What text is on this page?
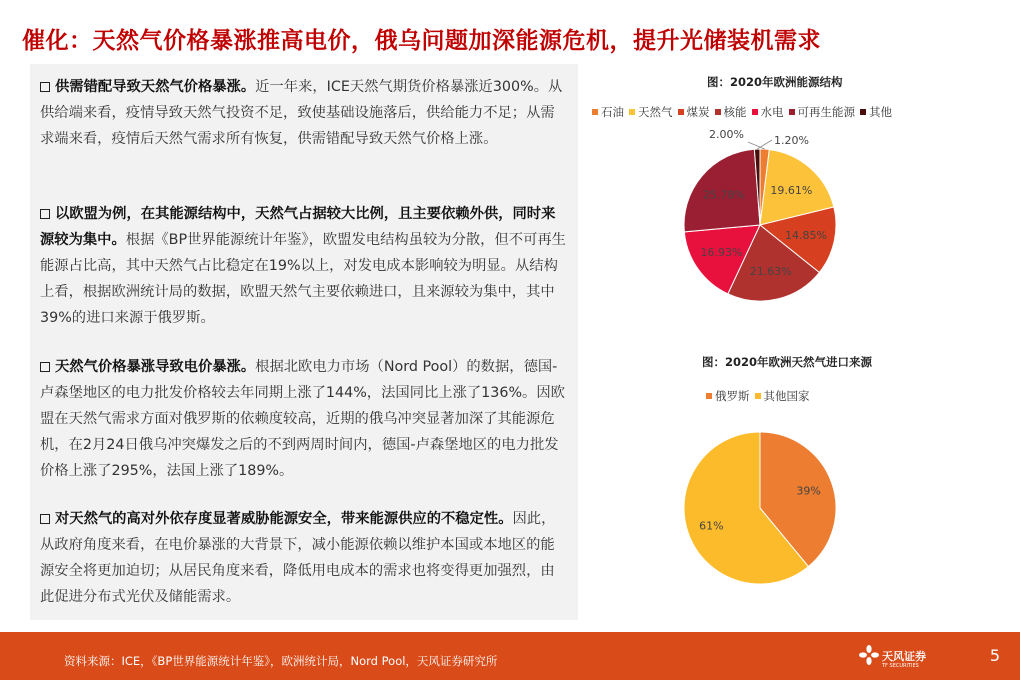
催化：天然气价格暴涨推高电价，俄乌问题加深能源危机，提升光储装机需求
供需错配导致天然气价格暴涨。近一年来，ICE天然气期货价格暴涨近300%。从供给端来看，疫情导致天然气投资不足，致使基础设施落后，供给能力不足；从需求端来看，疫情后天然气需求所有恢复，供需错配导致天然气价格上涨。
以欧盟为例，在其能源结构中，天然气占据较大比例，且主要依赖外供，同时来源较为集中。根据《BP世界能源统计年鉴》，欧盟发电结构虽较为分散，但不可再生能源占比高，其中天然气占比稳定在19%以上，对发电成本影响较为明显。从结构上看，根据欧洲统计局的数据，欧盟天然气主要依赖进口，且来源较为集中，其中39%的进口来源于俄罗斯。
天然气价格暴涨导致电价暴涨。根据北欧电力市场（Nord Pool）的数据，德国-卢森堡地区的电力批发价格较去年同期上涨了144%，法国同比上涨了136%。因欧盟在天然气需求方面对俄罗斯的依赖度较高，近期的俄乌冲突显著加深了其能源危机，在2月24日俄乌冲突爆发之后的不到两周时间内，德国-卢森堡地区的电力批发价格上涨了295%，法国上涨了189%。
对天然气的高对外依存度显著威胁能源安全，带来能源供应的不稳定性。因此，从政府角度来看，在电价暴涨的大背景下，减小能源依赖以维护本国或本地区的能源安全将更加迫切；从居民角度来看，降低用电成本的需求也将变得更加强烈，由此促进分布式光伏及储能需求。
图：2020年欧洲能源结构
石油 天然气 煤炭 核能 水电 可再生能源 其他
2.00%
19.61%
14.85%
21.63%
16.93%
25.78%
1.20%
图：2020年欧洲天然气进口来源
俄罗斯 其他国家
39%
61%
资料来源：ICE，《BP世界能源统计年鉴》，欧洲统计局，Nord Pool，天风证券研究所	天风证券
TF SECURITIES
5
